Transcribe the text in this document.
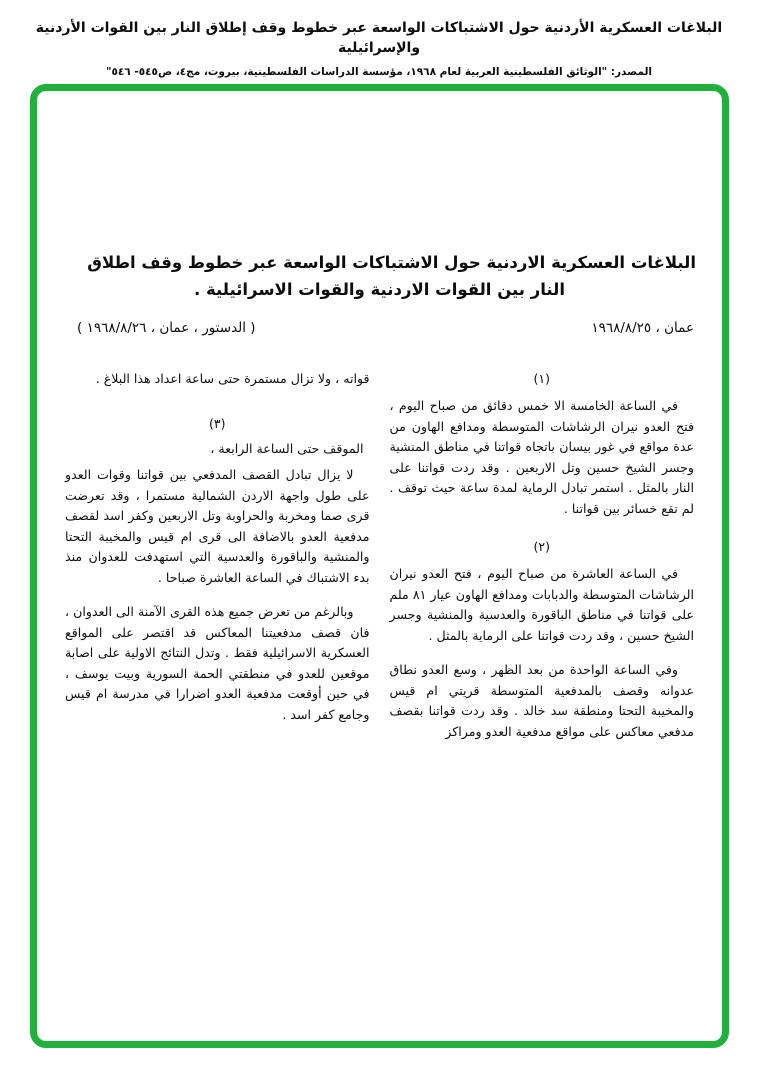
البلاغات العسكرية الأردنية حول الاشتباكات الواسعة عبر خطوط وقف إطلاق النار بين القوات الأردنية والإسرائيلية
المصدر: "الوثائق الفلسطينية العربية لعام ١٩٦٨، مؤسسة الدراسات الفلسطينية، بيروت، مج٤، ص٥٤٥- ٥٤٦"
البلاغات العسكرية الاردنية حول الاشتباكات الواسعة عبر خطوط وقف اطلاق
النار بين القوات الاردنية والقوات الاسرائيلية .
عمان ، ١٩٦٨/٨/٢٥
( الدستور ، عمان ، ١٩٦٨/٨/٢٦ )
(١)

في الساعة الخامسة الا خمس دقائق من صباح اليوم ، فتح العدو نيران الرشاشات المتوسطة ومدافع الهاون من عدة مواقع في غور بيسان باتجاه قواتنا في مناطق المنشية وجسر الشيخ حسين وتل الاربعين . وقد ردت قواتنا على النار بالمثل . استمر تبادل الرماية لمدة ساعة حيث توقف . لم تقع خسائر بين قواتنا .

(٢)

في الساعة العاشرة من صباح اليوم ، فتح العدو نيران الرشاشات المتوسطة والدبابات ومدافع الهاون عيار ٨١ ملم على قواتنا في مناطق الباقورة والعدسية والمنشية وجسر الشيخ حسين ، وقد ردت قواتنا على الرماية بالمثل .

وفي الساعة الواحدة من بعد الظهر ، وسع العدو نطاق عدوانه وقصف بالمدفعية المتوسطة قريتي ام قيس والمخيبة التحتا ومنطقة سد خالد . وقد ردت قواتنا بقصف مدفعي معاكس على مواقع مدفعية العدو ومراكز

قواته ، ولا تزال مستمرة حتى ساعة اعداد هذا البلاغ .

(٣)
الموقف حتى الساعة الرابعة ،

لا يزال تبادل القصف المدفعي بين قواتنا وقوات العدو على طول واجهة الاردن الشمالية مستمرا ، وقد تعرضت قرى صما ومخربة والحراوبة وتل الاربعين وكفر اسد لقصف مدفعية العدو بالاضافة الى قرى ام قيس والمخيبة التحتا والمنشية والباقورة والعدسية التي استهدفت للعدوان منذ بدء الاشتباك في الساعة العاشرة صباحا .

وبالرغم من تعرض جميع هذه القرى الآمنة الى العدوان ، فان قصف مدفعيتنا المعاكس قد اقتصر على المواقع العسكرية الاسرائيلية فقط . وتدل النتائج الاولية على اصابة موقعين للعدو في منطقتي الحمة السورية وبيت يوسف ، في حين أوقعت مدفعية العدو اضرارا في مدرسة ام قيس وجامع كفر اسد .
